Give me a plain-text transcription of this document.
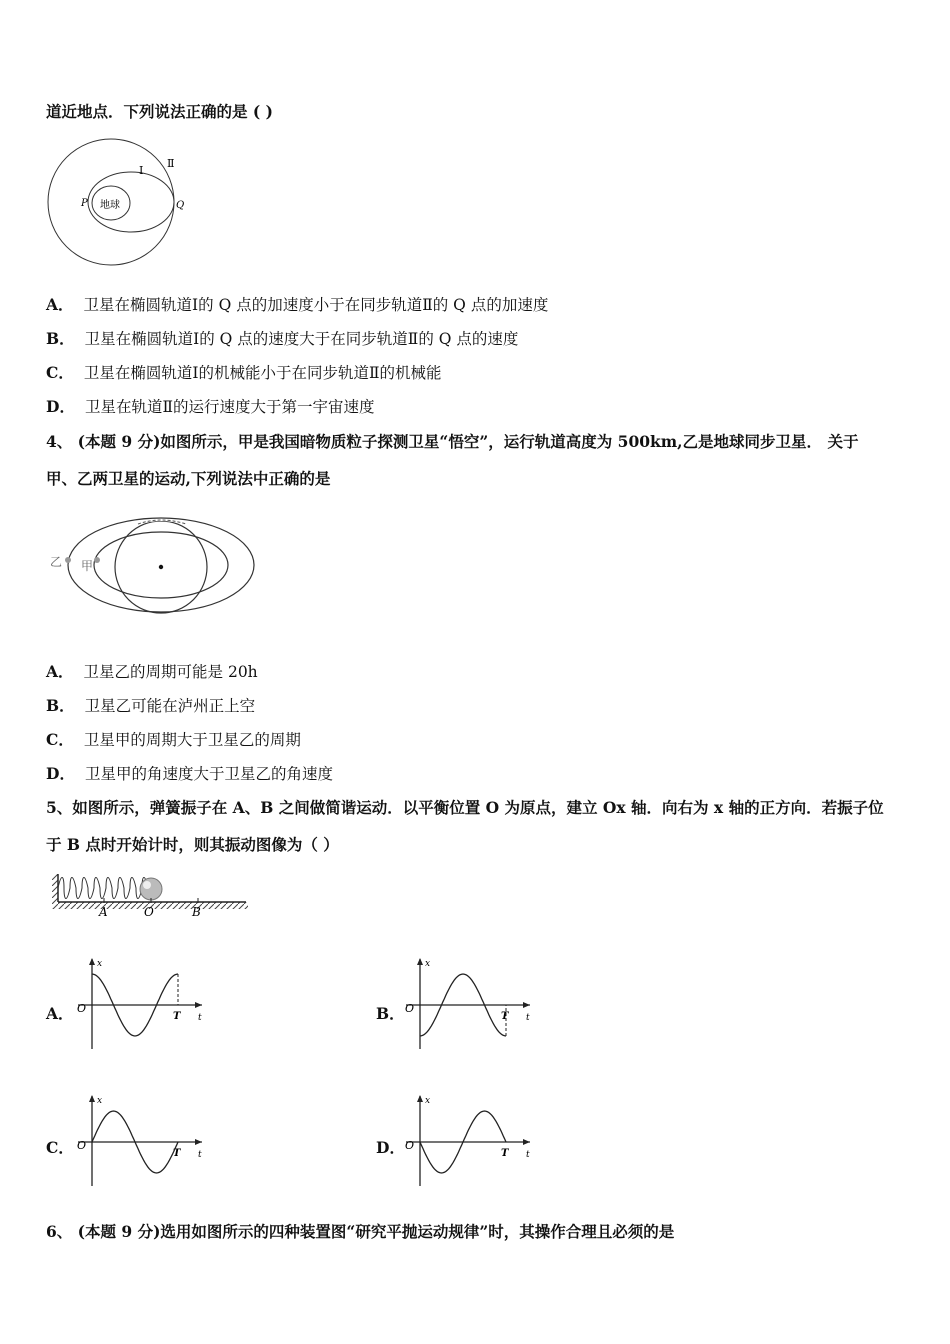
道近地点．下列说法正确的是 ( )
地球
P	Q
Ⅰ
Ⅱ
A． 卫星在椭圆轨道Ⅰ的 Q 点的加速度小于在同步轨道Ⅱ的 Q 点的加速度
B． 卫星在椭圆轨道Ⅰ的 Q 点的速度大于在同步轨道Ⅱ的 Q 点的速度
C． 卫星在椭圆轨道Ⅰ的机械能小于在同步轨道Ⅱ的机械能
D． 卫星在轨道Ⅱ的运行速度大于第一宇宙速度
4、 (本题 9 分)如图所示，甲是我国暗物质粒子探测卫星“悟空”，运行轨道高度为 500km,乙是地球同步卫星． 关于
甲、乙两卫星的运动,下列说法中正确的是
乙 甲
A． 卫星乙的周期可能是 20h
B． 卫星乙可能在泸州正上空
C． 卫星甲的周期大于卫星乙的周期
D． 卫星甲的角速度大于卫星乙的角速度
5、如图所示，弹簧振子在 A、B 之间做简谐运动．以平衡位置 O 为原点，建立 Ox 轴．向右为 x 轴的正方向．若振子位
于 B 点时开始计时，则其振动图像为（ ）
A	O	B
A．
x
t
O
T	B．
x
t
O
T
C．
x
t
O
T	D．
x
t
O
T
6、 (本题 9 分)选用如图所示的四种装置图“研究平抛运动规律”时，其操作合理且必须的是
